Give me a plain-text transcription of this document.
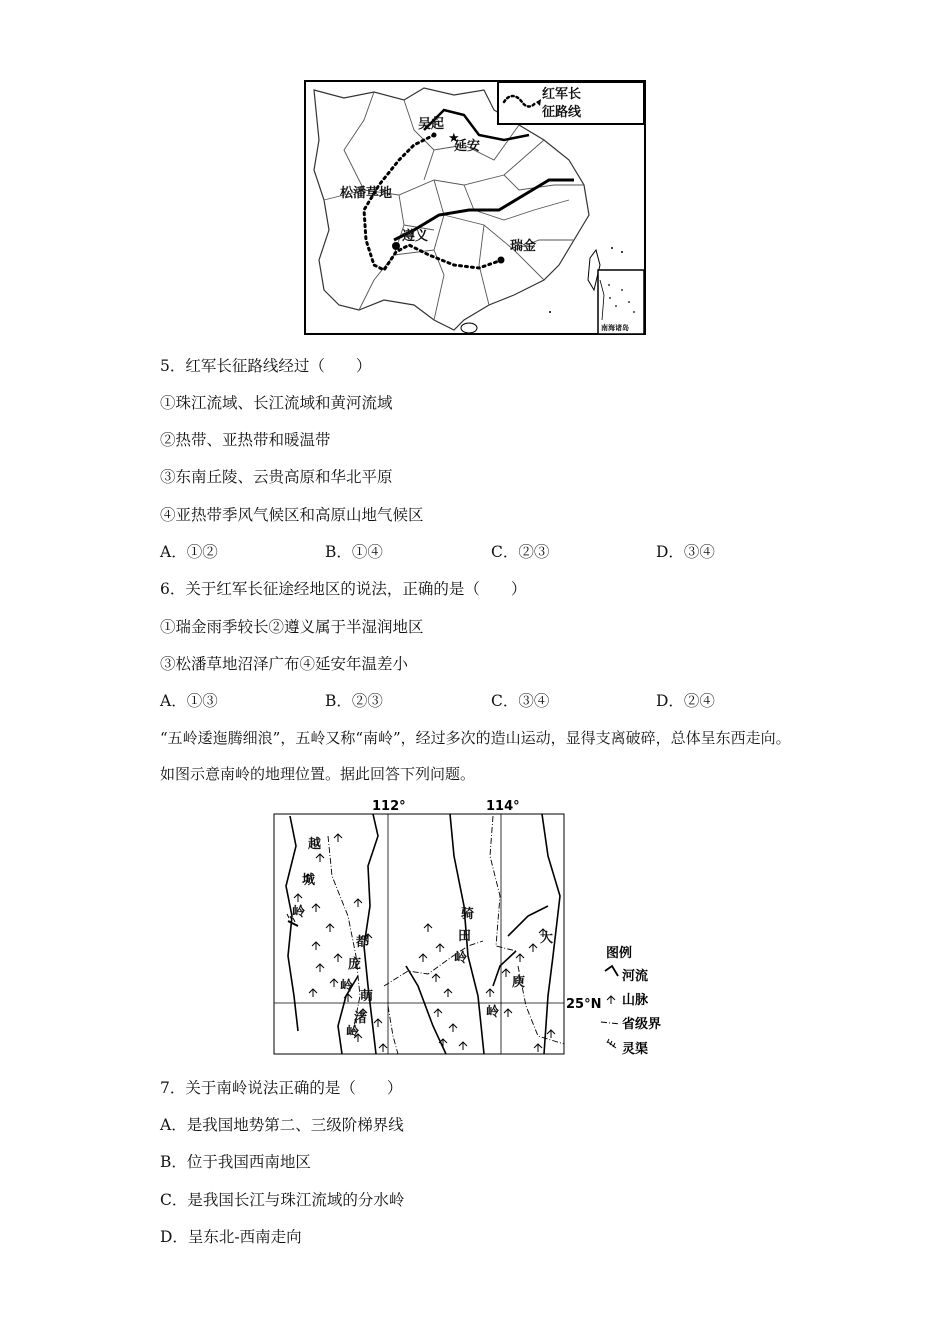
红军长
征路线
南海诸岛
★
吴起
延安
松潘草地
遵义
瑞金
5．红军长征路线经过（　　）
①珠江流域、长江流域和黄河流域
②热带、亚热带和暖温带
③东南丘陵、云贵高原和华北平原
④亚热带季风气候区和高原山地气候区
A．①②	B．①④	C．②③	D．③④
6．关于红军长征途经地区的说法，正确的是（　　）
①瑞金雨季较长②遵义属于半湿润地区
③松潘草地沼泽广布④延安年温差小
A．①③	B．②③	C．③④	D．②④
“五岭逶迤腾细浪”，五岭又称“南岭”，经过多次的造山运动，显得支离破碎，总体呈东西走向。如图示意南岭的地理位置。据此回答下列问题。
112°	114°
25°N
越
城
岭
都
庞
岭
萌
渚
岭
骑
田
岭
大
庾
岭
图例
河流
山脉
省级界
灵渠
7．关于南岭说法正确的是（　　）
A．是我国地势第二、三级阶梯界线
B．位于我国西南地区
C．是我国长江与珠江流域的分水岭
D．呈东北-西南走向
